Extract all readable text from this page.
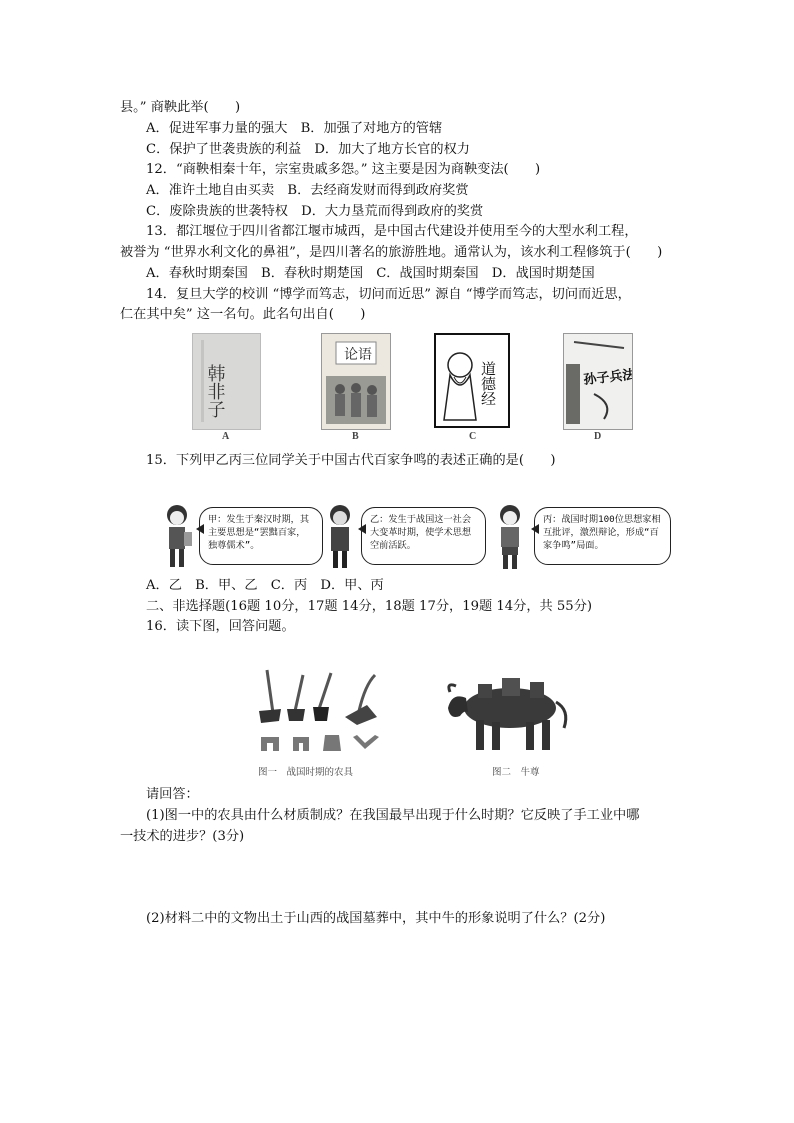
县。” 商鞅此举(　　)
A．促进军事力量的强大　B．加强了对地方的管辖
C．保护了世袭贵族的利益　D．加大了地方长官的权力
12．“商鞅相秦十年，宗室贵戚多怨。” 这主要是因为商鞅变法(　　)
A．准许土地自由买卖　B．去经商发财而得到政府奖赏
C．废除贵族的世袭特权　D．大力垦荒而得到政府的奖赏
13．都江堰位于四川省都江堰市城西，是中国古代建设并使用至今的大型水利工程，
被誉为 “世界水利文化的鼻祖”，是四川著名的旅游胜地。通常认为，该水利工程修筑于(　　)
A．春秋时期秦国　B．春秋时期楚国　C．战国时期秦国　D．战国时期楚国
14．复旦大学的校训 “博学而笃志，切问而近思” 源自 “博学而笃志，切问而近思，
仁在其中矣” 这一名句。此名句出自(　　)
韩非子
A
论语
B
道德经
C
孙子兵法
D
15．下列甲乙丙三位同学关于中国古代百家争鸣的表述正确的是(　　)
甲：发生于秦汉时期，其主要思想是“罢黜百家，独尊儒术”。
乙：发生于战国这一社会大变革时期，使学术思想空前活跃。
丙：战国时期100位思想家相互批评，激烈辩论，形成“百家争鸣”局面。
A．乙　B．甲、乙　C．丙　D．甲、丙
二、非选择题(16题 10分，17题 14分，18题 17分，19题 14分，共 55分)
16．读下图，回答问题。
图一　战国时期的农具	图二　牛尊
请回答：
(1)图一中的农具由什么材质制成？在我国最早出现于什么时期？它反映了手工业中哪
一技术的进步？(3分)
(2)材料二中的文物出土于山西的战国墓葬中，其中牛的形象说明了什么？(2分)
